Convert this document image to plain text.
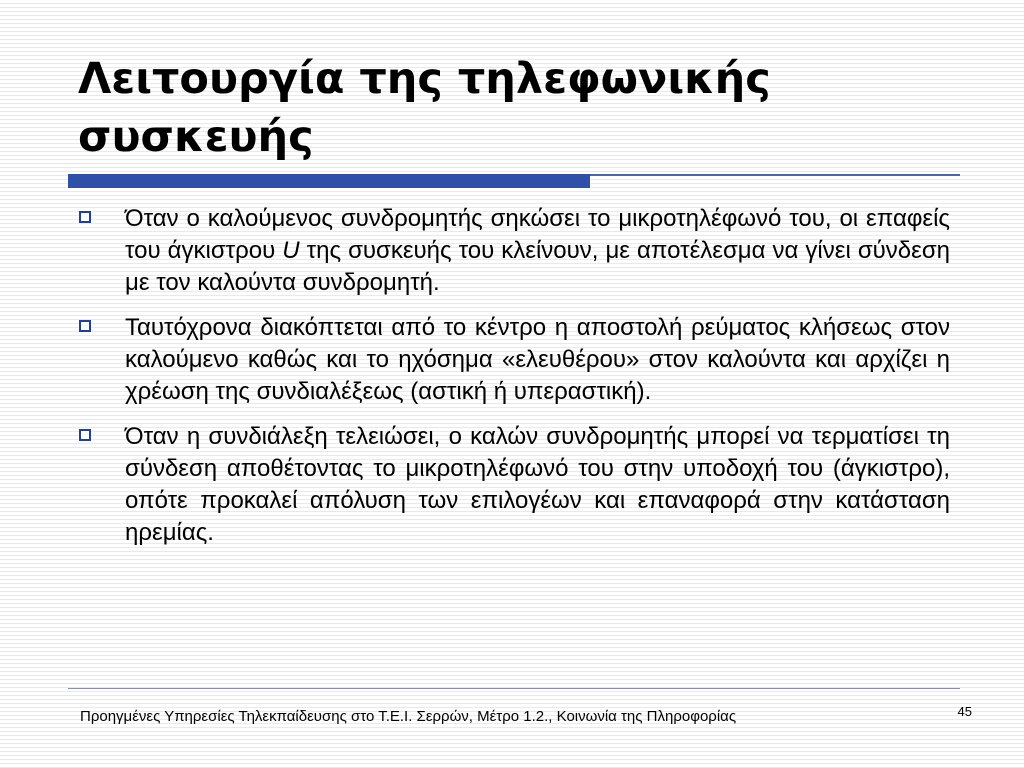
Λειτουργία της τηλεφωνικής συσκευής
Όταν ο καλούμενος συνδρομητής σηκώσει το μικροτηλέφωνό του, οι επαφείς του άγκιστρου U της συσκευής του κλείνουν, με αποτέλεσμα να γίνει σύνδεση με τον καλούντα συνδρομητή.
Ταυτόχρονα διακόπτεται από το κέντρο η αποστολή ρεύματος κλήσεως στον καλούμενο καθώς και το ηχόσημα «ελευθέρου» στον καλούντα και αρχίζει η χρέωση της συνδιαλέξεως (αστική ή υπεραστική).
Όταν η συνδιάλεξη τελειώσει, ο καλών συνδρομητής μπορεί να τερματίσει τη σύνδεση αποθέτοντας το μικροτηλέφωνό του στην υποδοχή του (άγκιστρο), οπότε προκαλεί απόλυση των επιλογέων και επαναφορά στην κατάσταση ηρεμίας.
Προηγμένες Υπηρεσίες Τηλεκπαίδευσης στο Τ.Ε.Ι. Σερρών, Μέτρο 1.2., Κοινωνία της Πληροφορίας	45
